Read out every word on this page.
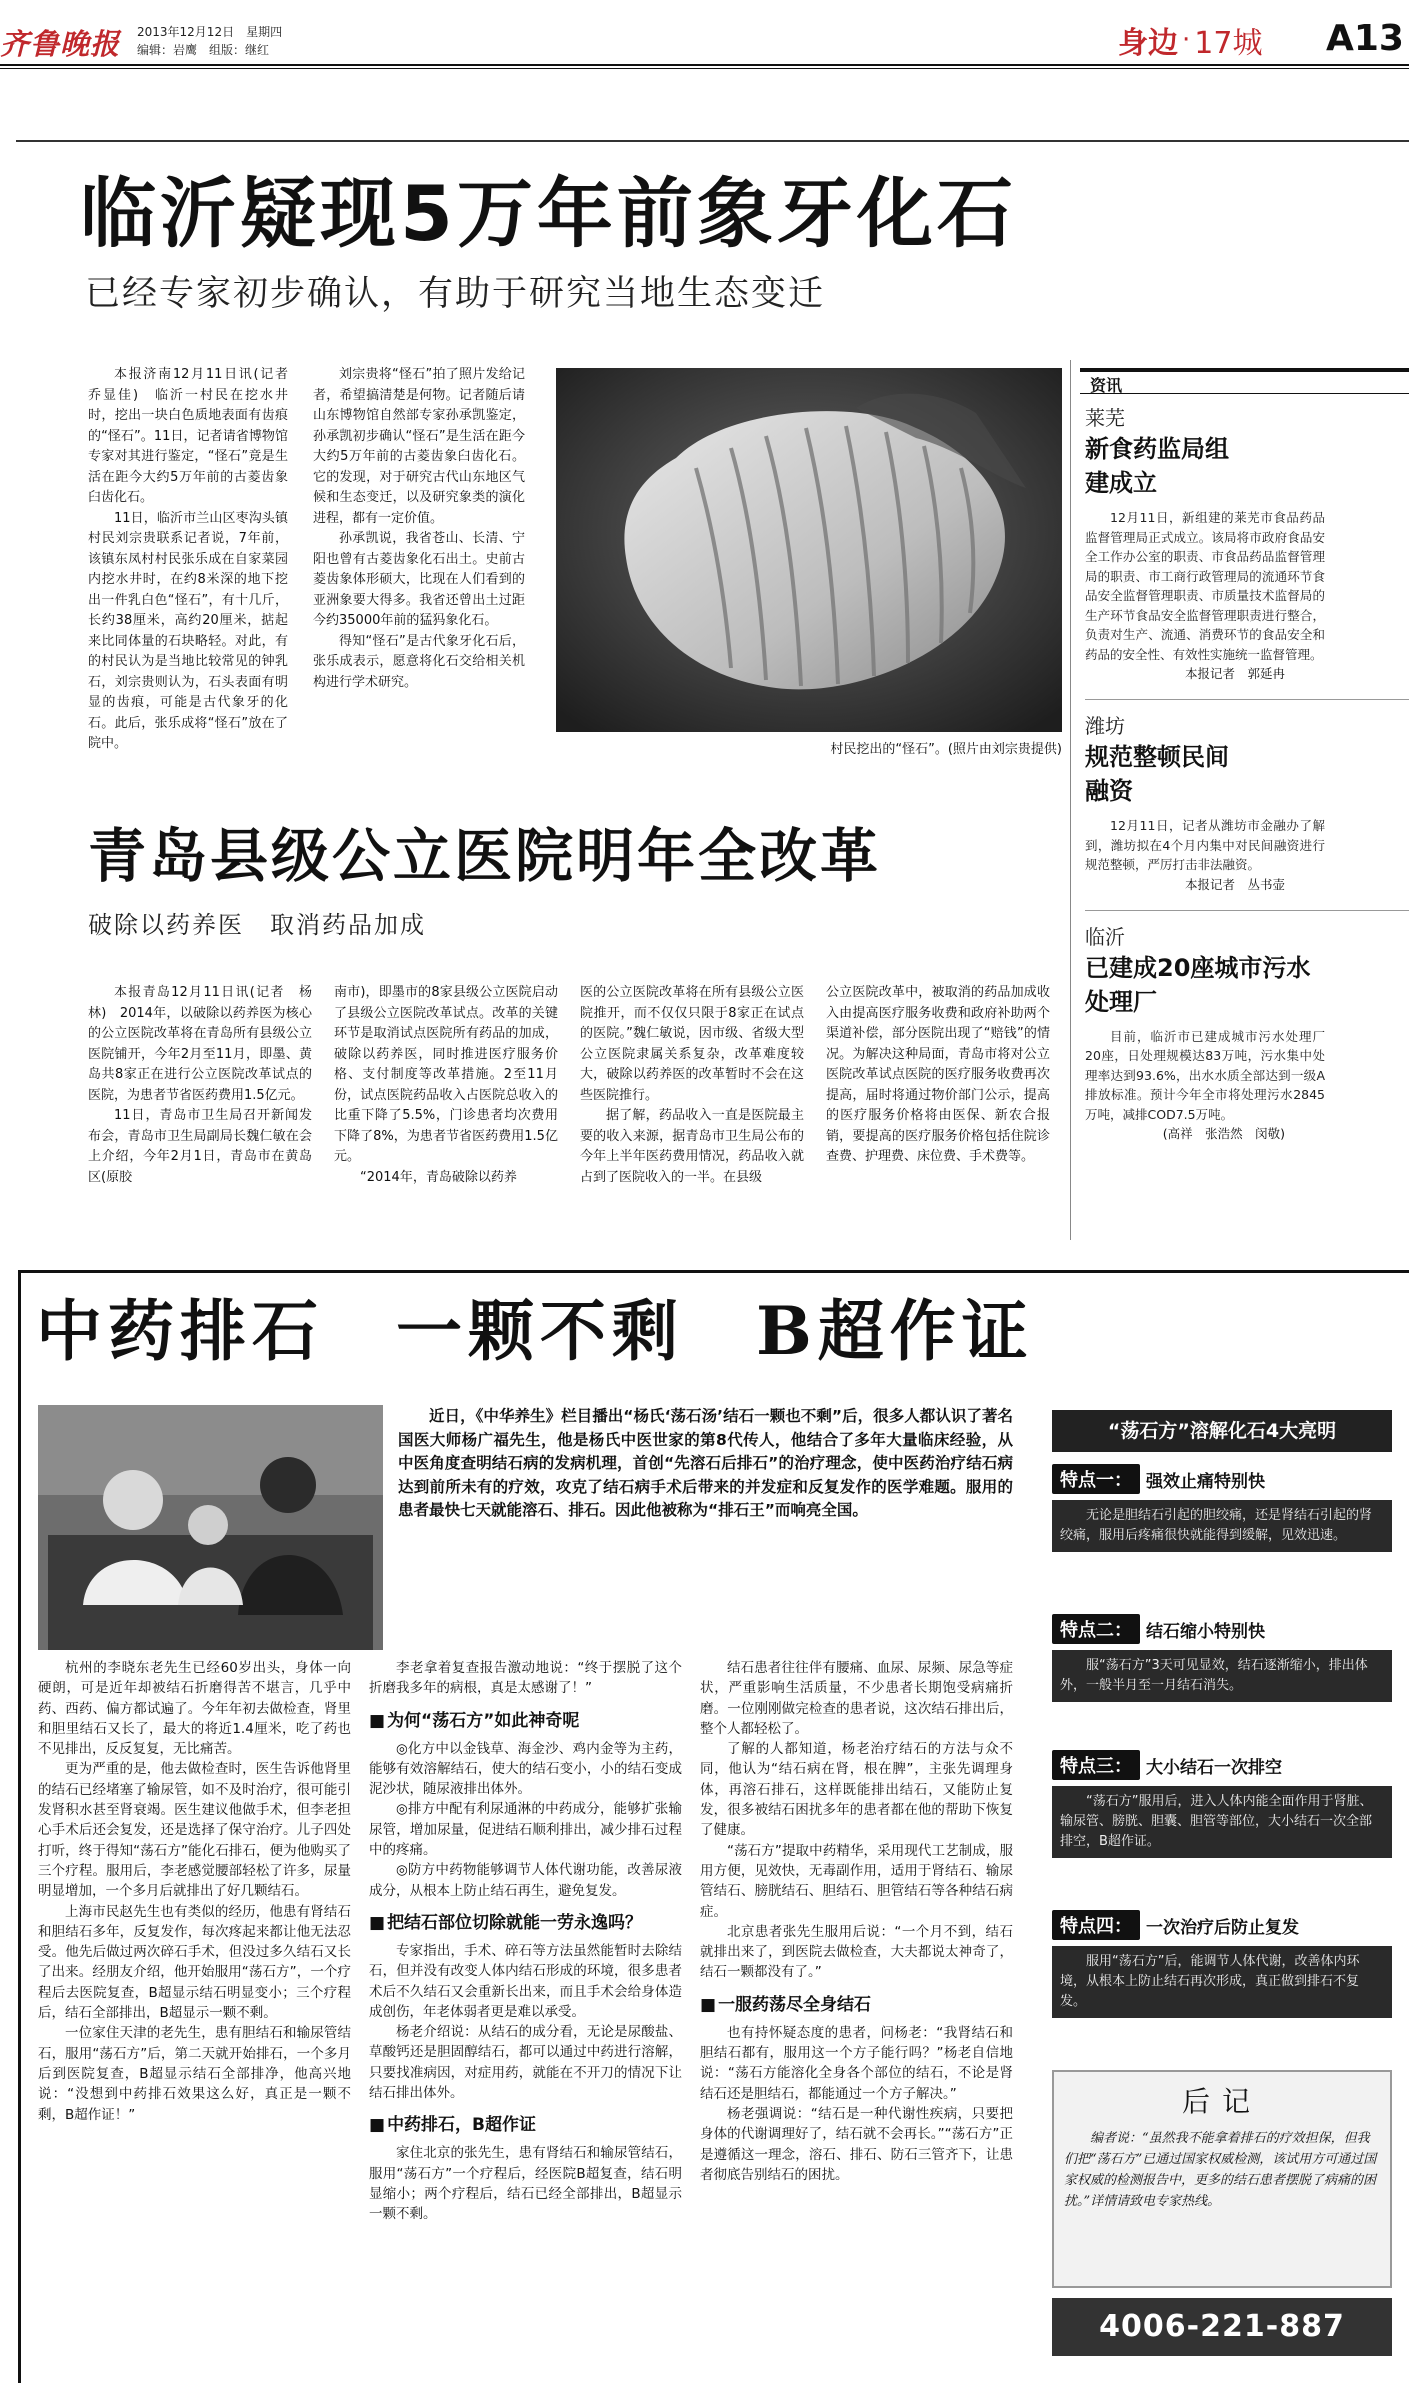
齐鲁晚报	2013年12月12日　星期四
编辑：岩鹰　组版：继红	身边 · 17城 A13
临沂疑现5万年前象牙化石
已经专家初步确认，有助于研究当地生态变迁

本报济南12月11日讯(记者　乔显佳)　临沂一村民在挖水井时，挖出一块白色质地表面有齿痕的“怪石”。11日，记者请省博物馆专家对其进行鉴定，“怪石”竟是生活在距今大约5万年前的古菱齿象臼齿化石。

11日，临沂市兰山区枣沟头镇村民刘宗贵联系记者说，7年前，该镇东凤村村民张乐成在自家菜园内挖水井时，在约8米深的地下挖出一件乳白色“怪石”，有十几斤，长约38厘米，高约20厘米，掂起来比同体量的石块略轻。对此，有的村民认为是当地比较常见的钟乳石，刘宗贵则认为，石头表面有明显的齿痕，可能是古代象牙的化石。此后，张乐成将“怪石”放在了院中。

刘宗贵将“怪石”拍了照片发给记者，希望搞清楚是何物。记者随后请山东博物馆自然部专家孙承凯鉴定，孙承凯初步确认“怪石”是生活在距今大约5万年前的古菱齿象臼齿化石。它的发现，对于研究古代山东地区气候和生态变迁，以及研究象类的演化进程，都有一定价值。

孙承凯说，我省苍山、长清、宁阳也曾有古菱齿象化石出土。史前古菱齿象体形硕大，比现在人们看到的亚洲象要大得多。我省还曾出土过距今约35000年前的猛犸象化石。

得知“怪石”是古代象牙化石后，张乐成表示，愿意将化石交给相关机构进行学术研究。

村民挖出的“怪石”。(照片由刘宗贵提供)
青岛县级公立医院明年全改革
破除以药养医　取消药品加成

本报青岛12月11日讯(记者　杨林)　2014年，以破除以药养医为核心的公立医院改革将在青岛所有县级公立医院铺开，今年2月至11月，即墨、黄岛共8家正在进行公立医院改革试点的医院，为患者节省医药费用1.5亿元。

11日，青岛市卫生局召开新闻发布会，青岛市卫生局副局长魏仁敏在会上介绍，今年2月1日，青岛市在黄岛区(原胶

南市)，即墨市的8家县级公立医院启动了县级公立医院改革试点。改革的关键环节是取消试点医院所有药品的加成，破除以药养医，同时推进医疗服务价格、支付制度等改革措施。2至11月份，试点医院药品收入占医院总收入的比重下降了5.5%，门诊患者均次费用下降了8%，为患者节省医药费用1.5亿元。

“2014年，青岛破除以药养

医的公立医院改革将在所有县级公立医院推开，而不仅仅只限于8家正在试点的医院。”魏仁敏说，因市级、省级大型公立医院隶属关系复杂，改革难度较大，破除以药养医的改革暂时不会在这些医院推行。

据了解，药品收入一直是医院最主要的收入来源，据青岛市卫生局公布的今年上半年医药费用情况，药品收入就占到了医院收入的一半。在县级

公立医院改革中，被取消的药品加成收入由提高医疗服务收费和政府补助两个渠道补偿，部分医院出现了“赔钱”的情况。为解决这种局面，青岛市将对公立医院改革试点医院的医疗服务收费再次提高，届时将通过物价部门公示，提高的医疗服务价格将由医保、新农合报销，要提高的医疗服务价格包括住院诊查费、护理费、床位费、手术费等。

资讯
莱芜
新食药监局组建成立
12月11日，新组建的莱芜市食品药品监督管理局正式成立。该局将市政府食品安全工作办公室的职责、市食品药品监督管理局的职责、市工商行政管理局的流通环节食品安全监督管理职责、市质量技术监督局的生产环节食品安全监督管理职责进行整合，负责对生产、流通、消费环节的食品安全和药品的安全性、有效性实施统一监督管理。
本报记者　郭延冉
潍坊
规范整顿民间融资
12月11日，记者从潍坊市金融办了解到，潍坊拟在4个月内集中对民间融资进行规范整顿，严厉打击非法融资。
本报记者　丛书壶
临沂
已建成20座城市污水处理厂
目前，临沂市已建成城市污水处理厂20座，日处理规模达83万吨，污水集中处理率达到93.6%，出水水质全部达到一级A排放标准。预计今年全市将处理污水2845万吨，减排COD7.5万吨。
(高祥　张浩然　闵敬)
中药排石　一颗不剩　B超作证
近日，《中华养生》栏目播出“杨氏‘荡石汤’结石一颗也不剩”后，很多人都认识了著名国医大师杨广福先生，他是杨氏中医世家的第8代传人，他结合了多年大量临床经验，从中医角度查明结石病的发病机理，首创“先溶石后排石”的治疗理念，使中医药治疗结石病达到前所未有的疗效，攻克了结石病手术后带来的并发症和反复发作的医学难题。服用的患者最快七天就能溶石、排石。因此他被称为“排石王”而响亮全国。

杭州的李晓东老先生已经60岁出头，身体一向硬朗，可是近年却被结石折磨得苦不堪言，几乎中药、西药、偏方都试遍了。今年年初去做检查，肾里和胆里结石又长了，最大的将近1.4厘米，吃了药也不见排出，反反复复，无比痛苦。

更为严重的是，他去做检查时，医生告诉他肾里的结石已经堵塞了输尿管，如不及时治疗，很可能引发肾积水甚至肾衰竭。医生建议他做手术，但李老担心手术后还会复发，还是选择了保守治疗。儿子四处打听，终于得知“荡石方”能化石排石，便为他购买了三个疗程。服用后，李老感觉腰部轻松了许多，尿量明显增加，一个多月后就排出了好几颗结石。

上海市民赵先生也有类似的经历，他患有肾结石和胆结石多年，反复发作，每次疼起来都让他无法忍受。他先后做过两次碎石手术，但没过多久结石又长了出来。经朋友介绍，他开始服用“荡石方”，一个疗程后去医院复查，B超显示结石明显变小；三个疗程后，结石全部排出，B超显示一颗不剩。

一位家住天津的老先生，患有胆结石和输尿管结石，服用“荡石方”后，第二天就开始排石，一个多月后到医院复查，B超显示结石全部排净，他高兴地说：“没想到中药排石效果这么好，真正是一颗不剩，B超作证！”

李老拿着复查报告激动地说：“终于摆脱了这个折磨我多年的病根，真是太感谢了！”

■ 为何“荡石方”如此神奇呢

◎化方中以金钱草、海金沙、鸡内金等为主药，能够有效溶解结石，使大的结石变小，小的结石变成泥沙状，随尿液排出体外。

◎排方中配有利尿通淋的中药成分，能够扩张输尿管，增加尿量，促进结石顺利排出，减少排石过程中的疼痛。

◎防方中药物能够调节人体代谢功能，改善尿液成分，从根本上防止结石再生，避免复发。

■ 把结石部位切除就能一劳永逸吗？

专家指出，手术、碎石等方法虽然能暂时去除结石，但并没有改变人体内结石形成的环境，很多患者术后不久结石又会重新长出来，而且手术会给身体造成创伤，年老体弱者更是难以承受。

杨老介绍说：从结石的成分看，无论是尿酸盐、草酸钙还是胆固醇结石，都可以通过中药进行溶解，只要找准病因，对症用药，就能在不开刀的情况下让结石排出体外。

■ 中药排石，B超作证

家住北京的张先生，患有肾结石和输尿管结石，服用“荡石方”一个疗程后，经医院B超复查，结石明显缩小；两个疗程后，结石已经全部排出，B超显示一颗不剩。

结石患者往往伴有腰痛、血尿、尿频、尿急等症状，严重影响生活质量，不少患者长期饱受病痛折磨。一位刚刚做完检查的患者说，这次结石排出后，整个人都轻松了。

了解的人都知道，杨老治疗结石的方法与众不同，他认为“结石病在肾，根在脾”，主张先调理身体，再溶石排石，这样既能排出结石，又能防止复发，很多被结石困扰多年的患者都在他的帮助下恢复了健康。

“荡石方”提取中药精华，采用现代工艺制成，服用方便，见效快，无毒副作用，适用于肾结石、输尿管结石、膀胱结石、胆结石、胆管结石等各种结石病症。

北京患者张先生服用后说：“一个月不到，结石就排出来了，到医院去做检查，大夫都说太神奇了，结石一颗都没有了。”

■ 一服药荡尽全身结石

也有持怀疑态度的患者，问杨老：“我肾结石和胆结石都有，服用这一个方子能行吗？”杨老自信地说：“荡石方能溶化全身各个部位的结石，不论是肾结石还是胆结石，都能通过一个方子解决。”

杨老强调说：“结石是一种代谢性疾病，只要把身体的代谢调理好了，结石就不会再长。”“荡石方”正是遵循这一理念，溶石、排石、防石三管齐下，让患者彻底告别结石的困扰。

“荡石方”溶解化石4大亮明
特点一： 强效止痛特别快
无论是胆结石引起的胆绞痛，还是肾结石引起的肾绞痛，服用后疼痛很快就能得到缓解，见效迅速。
特点二： 结石缩小特别快
服“荡石方”3天可见显效，结石逐渐缩小，排出体外，一般半月至一月结石消失。
特点三： 大小结石一次排空
“荡石方”服用后，进入人体内能全面作用于肾脏、输尿管、膀胱、胆囊、胆管等部位，大小结石一次全部排空，B超作证。
特点四： 一次治疗后防止复发
服用“荡石方”后，能调节人体代谢，改善体内环境，从根本上防止结石再次形成，真正做到排石不复发。
后记
编者说：“虽然我不能拿着排石的疗效担保，但我们把“荡石方”已通过国家权威检测，该试用方可通过国家权威的检测报告中，更多的结石患者摆脱了病痛的困扰。”详情请致电专家热线。
4006-221-887
